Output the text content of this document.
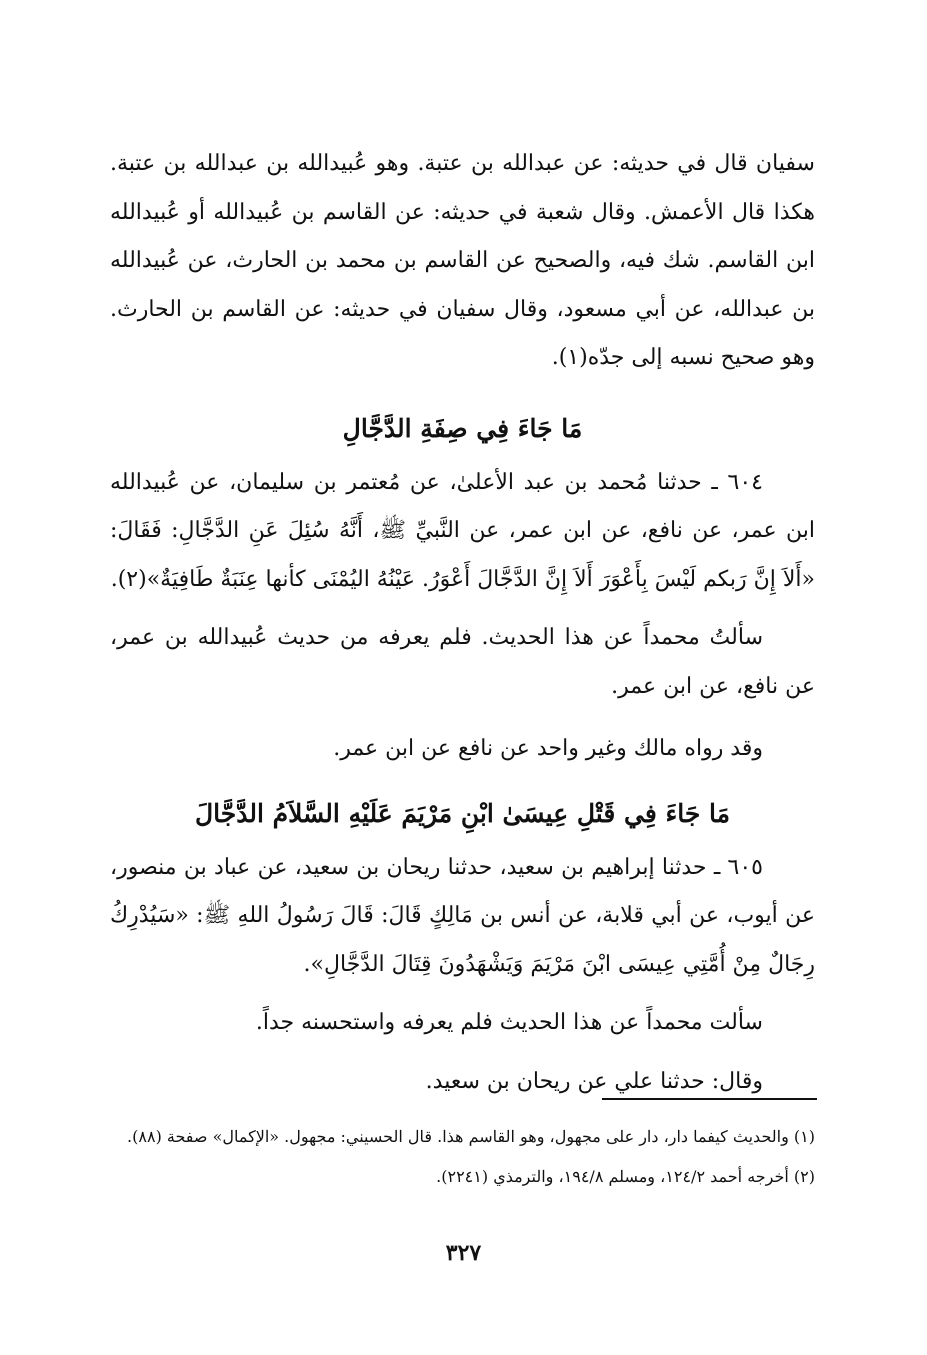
سفيان قال في حديثه: عن عبدالله بن عتبة. وهو عُبيدالله بن عبدالله بن عتبة. هكذا قال الأعمش. وقال شعبة في حديثه: عن القاسم بن عُبيدالله أو عُبيدالله ابن القاسم. شك فيه، والصحيح عن القاسم بن محمد بن الحارث، عن عُبيدالله بن عبدالله، عن أبي مسعود، وقال سفيان في حديثه: عن القاسم بن الحارث. وهو صحيح نسبه إلى جدّه(١).

مَا جَاءَ فِي صِفَةِ الدَّجَّالِ

٦٠٤ ـ حدثنا مُحمد بن عبد الأعلىٰ، عن مُعتمر بن سليمان، عن عُبيدالله ابن عمر، عن نافع، عن ابن عمر، عن النَّبيِّ ﷺ، أَنَّهُ سُئِلَ عَنِ الدَّجَّالِ: فَقَالَ: «أَلاَ إِنَّ رَبكم لَيْسَ بِأَعْوَرَ أَلاَ إِنَّ الدَّجَّالَ أَعْوَرُ. عَيْنُهُ اليُمْنَى كأنها عِنَبَةٌ طَافِيَةٌ»(٢).

سألتُ محمداً عن هذا الحديث. فلم يعرفه من حديث عُبيدالله بن عمر، عن نافع، عن ابن عمر.

وقد رواه مالك وغير واحد عن نافع عن ابن عمر.

مَا جَاءَ فِي قَتْلِ عِيسَىٰ ابْنِ مَرْيَمَ عَلَيْهِ السَّلاَمُ الدَّجَّالَ

٦٠٥ ـ حدثنا إبراهيم بن سعيد، حدثنا ريحان بن سعيد، عن عباد بن منصور، عن أيوب، عن أبي قلابة، عن أنس بن مَالِكٍ قَالَ: قَالَ رَسُولُ اللهِ ﷺ: «سَيُدْرِكُ رِجَالٌ مِنْ أُمَّتِي عِيسَى ابْنَ مَرْيَمَ وَيَشْهَدُونَ قِتَالَ الدَّجَّالِ».

سألت محمداً عن هذا الحديث فلم يعرفه واستحسنه جداً.

وقال: حدثنا علي عن ريحان بن سعيد.

(١) والحديث كيفما دار، دار على مجهول، وهو القاسم هذا. قال الحسيني: مجهول. «الإكمال» صفحة (٨٨).

(٢) أخرجه أحمد ١٢٤/٢، ومسلم ١٩٤/٨، والترمذي (٢٢٤١).

٣٢٧
